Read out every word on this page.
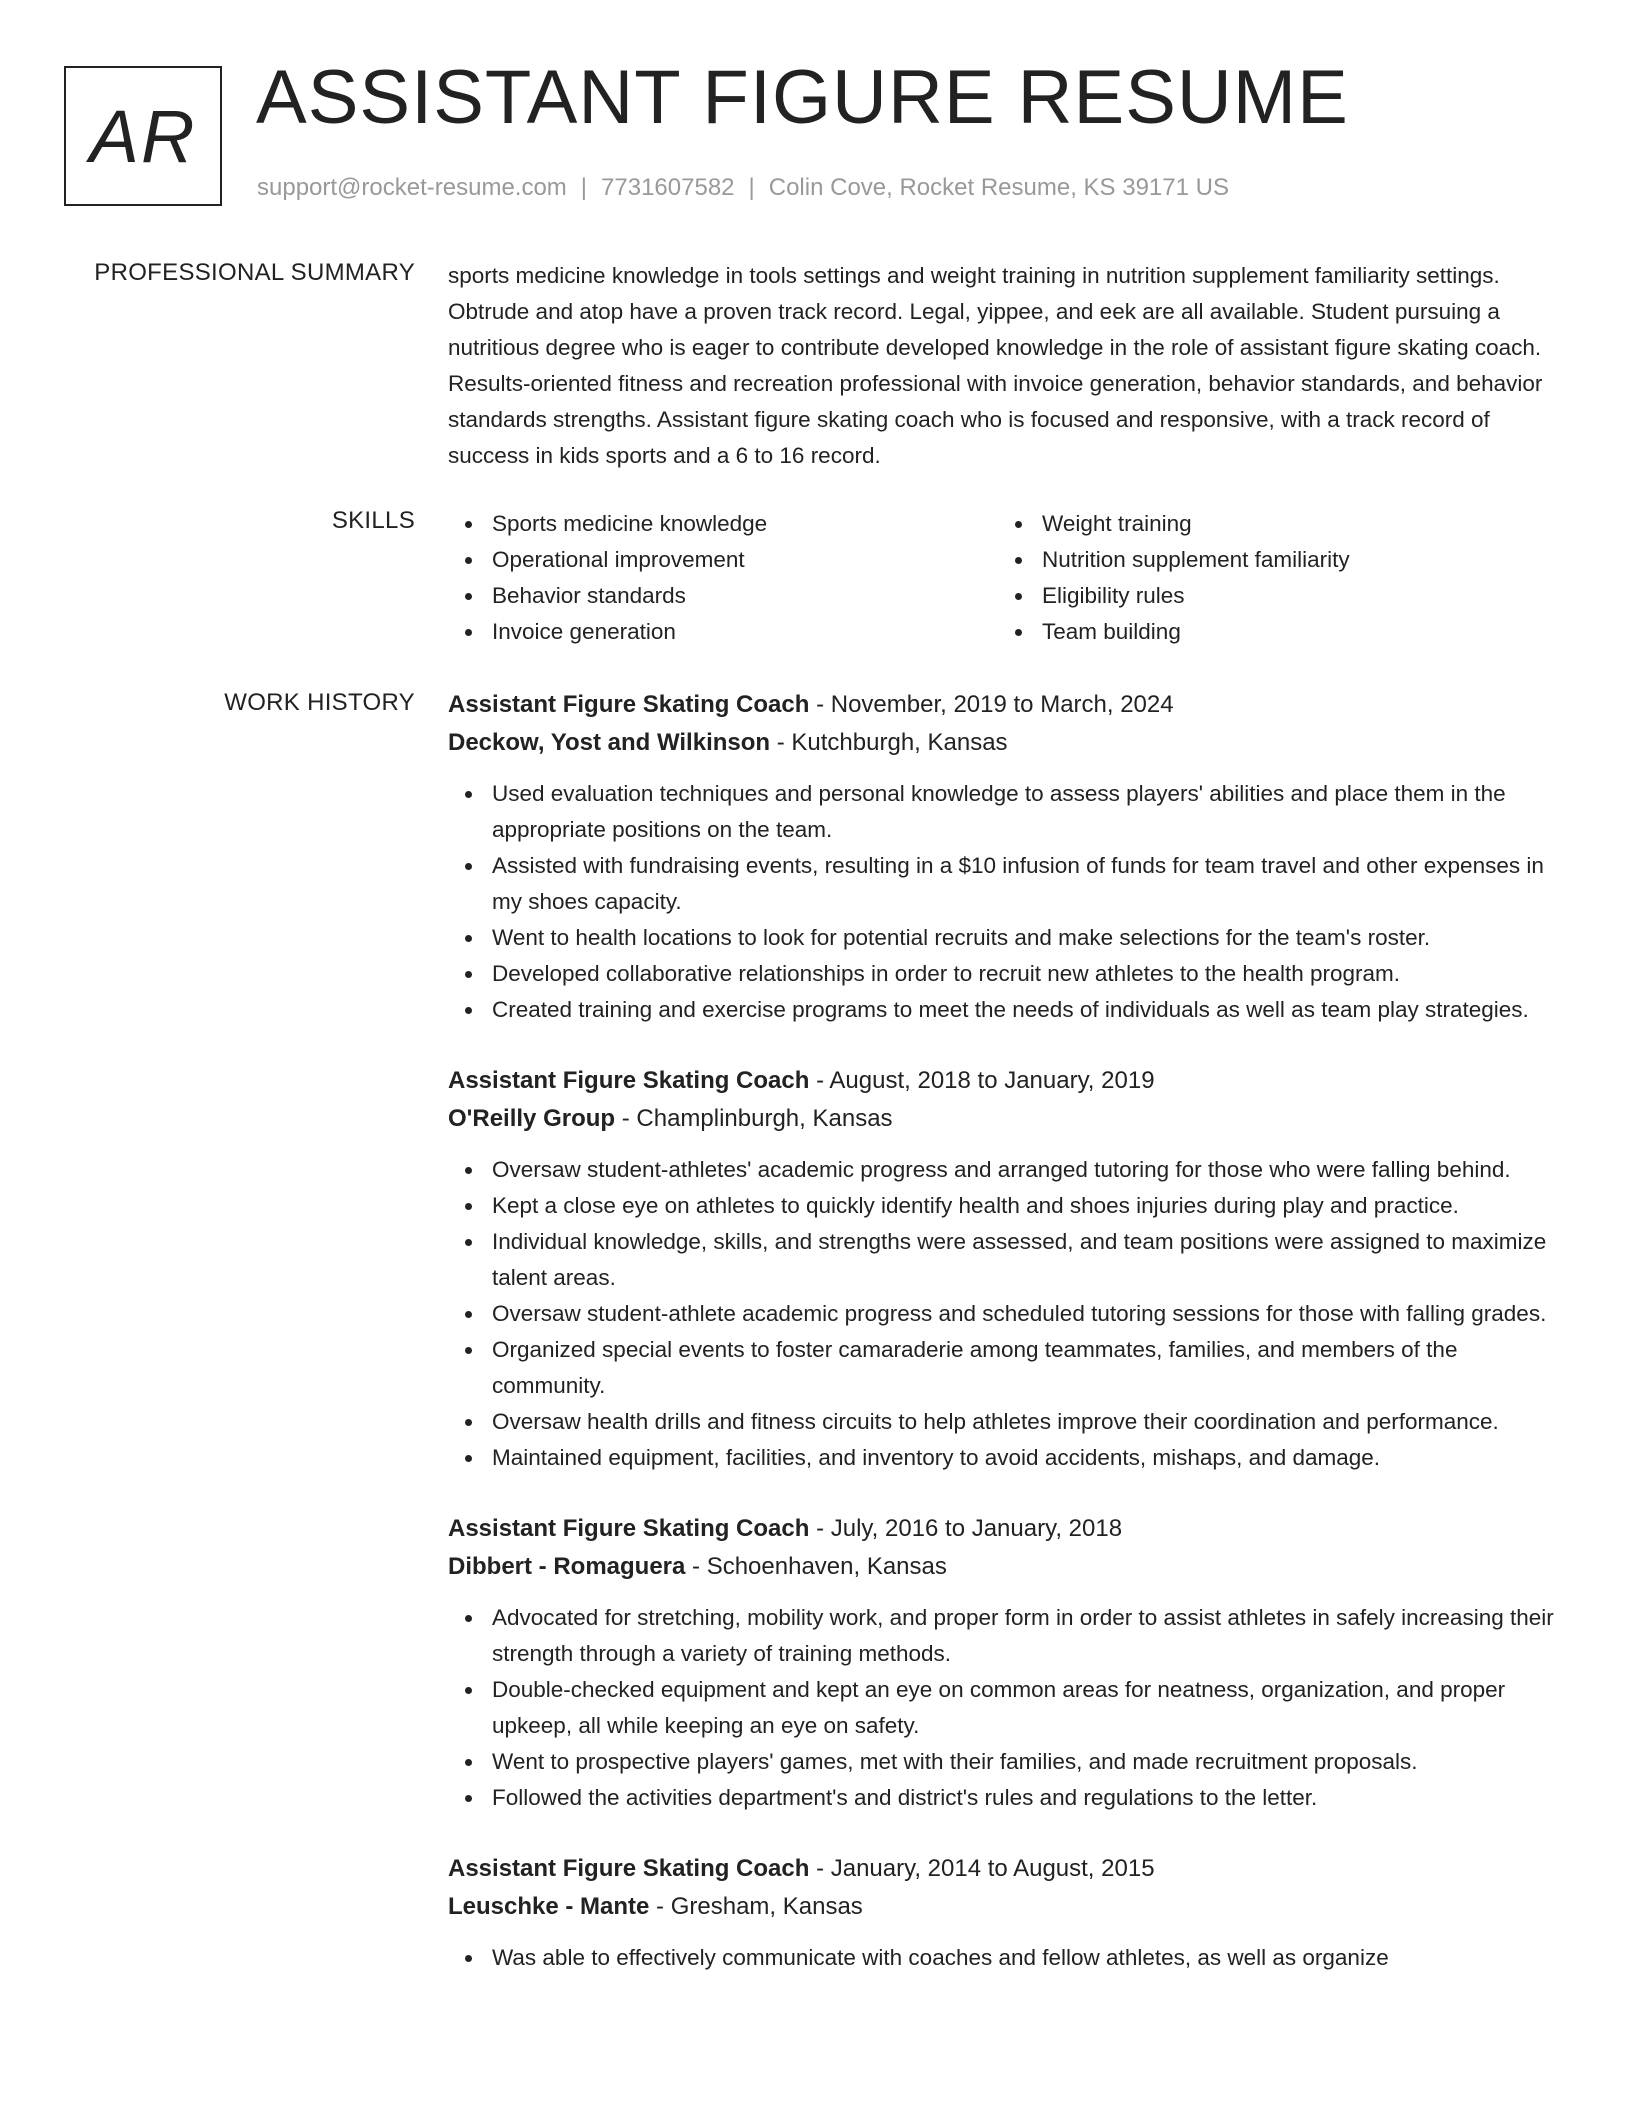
AR ASSISTANT FIGURE RESUME
support@rocket-resume.com | 7731607582 | Colin Cove, Rocket Resume, KS 39171 US
PROFESSIONAL SUMMARY sports medicine knowledge in tools settings and weight training in nutrition supplement familiarity settings. Obtrude and atop have a proven track record. Legal, yippee, and eek are all available. Student pursuing a nutritious degree who is eager to contribute developed knowledge in the role of assistant figure skating coach. Results-oriented fitness and recreation professional with invoice generation, behavior standards, and behavior standards strengths. Assistant figure skating coach who is focused and responsive, with a track record of success in kids sports and a 6 to 16 record.

SKILLS	Sports medicine knowledge
Operational improvement
Behavior standards
Invoice generation
Weight training
Nutrition supplement familiarity
Eligibility rules
Team building
WORK HISTORY Assistant Figure Skating Coach - November, 2019 to March, 2024
Deckow, Yost and Wilkinson - Kutchburgh, Kansas
Used evaluation techniques and personal knowledge to assess players' abilities and place them in the appropriate positions on the team.
Assisted with fundraising events, resulting in a $10 infusion of funds for team travel and other expenses in my shoes capacity.
Went to health locations to look for potential recruits and make selections for the team's roster.
Developed collaborative relationships in order to recruit new athletes to the health program.
Created training and exercise programs to meet the needs of individuals as well as team play strategies.
Assistant Figure Skating Coach - August, 2018 to January, 2019
O'Reilly Group - Champlinburgh, Kansas
Oversaw student-athletes' academic progress and arranged tutoring for those who were falling behind.
Kept a close eye on athletes to quickly identify health and shoes injuries during play and practice.
Individual knowledge, skills, and strengths were assessed, and team positions were assigned to maximize talent areas.
Oversaw student-athlete academic progress and scheduled tutoring sessions for those with falling grades.
Organized special events to foster camaraderie among teammates, families, and members of the community.
Oversaw health drills and fitness circuits to help athletes improve their coordination and performance.
Maintained equipment, facilities, and inventory to avoid accidents, mishaps, and damage.
Assistant Figure Skating Coach - July, 2016 to January, 2018
Dibbert - Romaguera - Schoenhaven, Kansas
Advocated for stretching, mobility work, and proper form in order to assist athletes in safely increasing their strength through a variety of training methods.
Double-checked equipment and kept an eye on common areas for neatness, organization, and proper upkeep, all while keeping an eye on safety.
Went to prospective players' games, met with their families, and made recruitment proposals.
Followed the activities department's and district's rules and regulations to the letter.
Assistant Figure Skating Coach - January, 2014 to August, 2015
Leuschke - Mante - Gresham, Kansas
Was able to effectively communicate with coaches and fellow athletes, as well as organize
